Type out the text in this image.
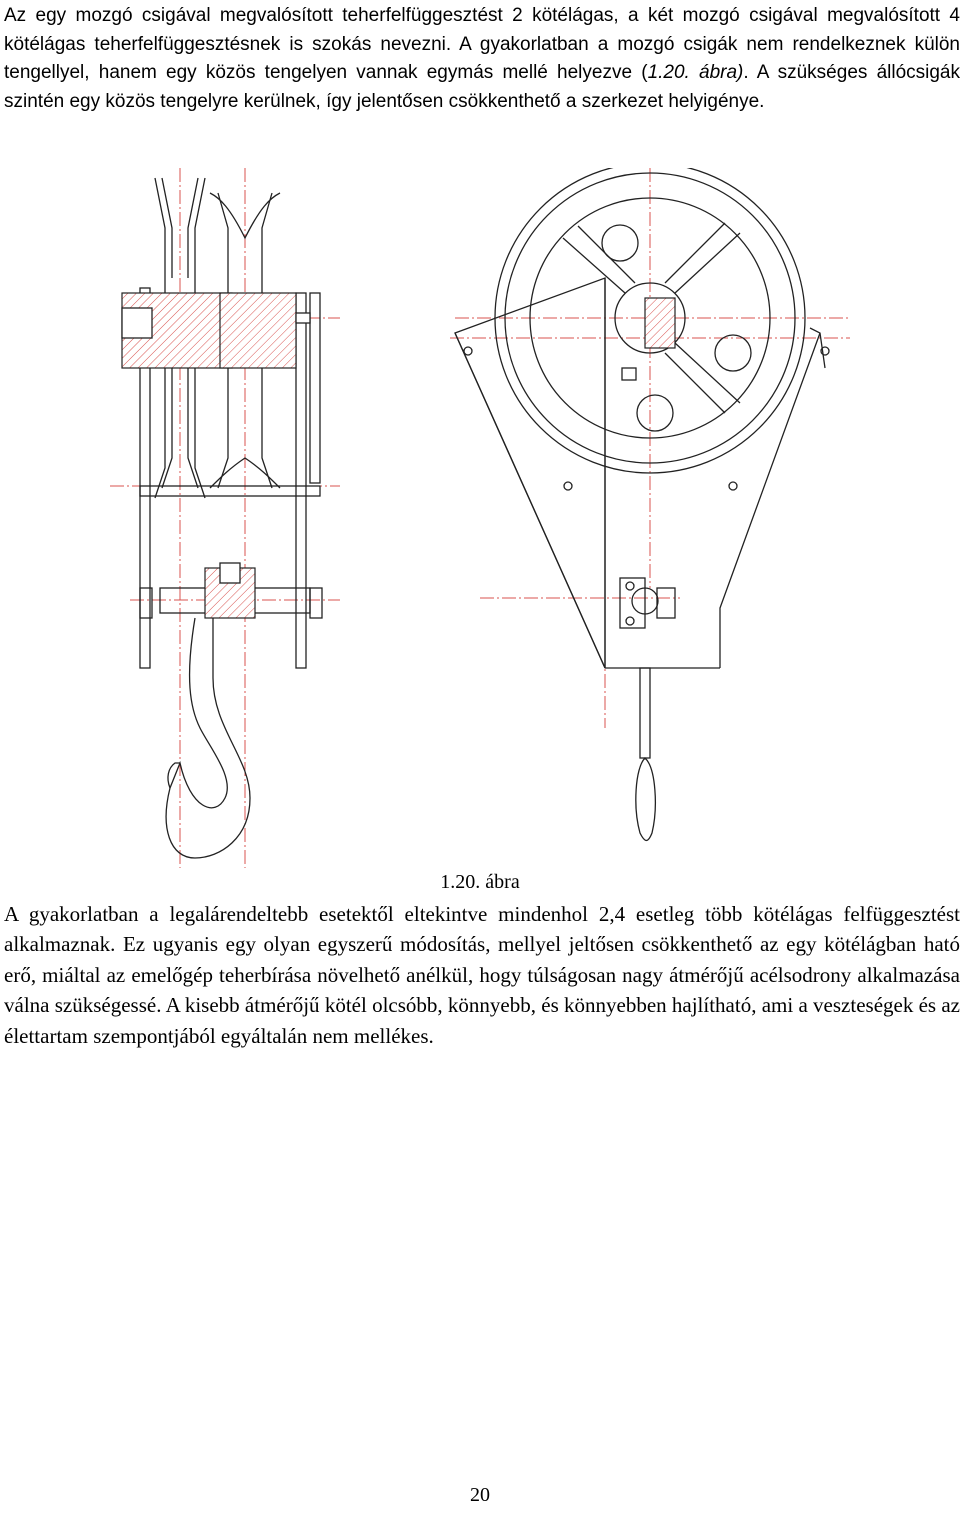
Az egy mozgó csigával megvalósított teherfelfüggesztést 2 kötélágas, a két mozgó csigával megvalósított 4 kötélágas teherfelfüggesztésnek is szokás nevezni. A gyakorlatban a mozgó csigák nem rendelkeznek külön tengellyel, hanem egy közös tengelyen vannak egymás mellé helyezve (1.20. ábra). A szükséges állócsigák szintén egy közös tengelyre kerülnek, így jelentősen csökkenthető a szerkezet helyigénye.

1.20. ábra

A gyakorlatban a legalárendeltebb esetektől eltekintve mindenhol 2,4 esetleg több kötélágas felfüggesztést alkalmaznak. Ez ugyanis egy olyan egyszerű módosítás, mellyel jeltősen csökkenthető az egy kötélágban ható erő, miáltal az emelőgép teherbírása növelhető anélkül, hogy túlságosan nagy átmérőjű acélsodrony alkalmazása válna szükségessé. A kisebb átmérőjű kötél olcsóbb, könnyebb, és könnyebben hajlítható, ami a veszteségek és az élettartam szempontjából egyáltalán nem mellékes.

20
